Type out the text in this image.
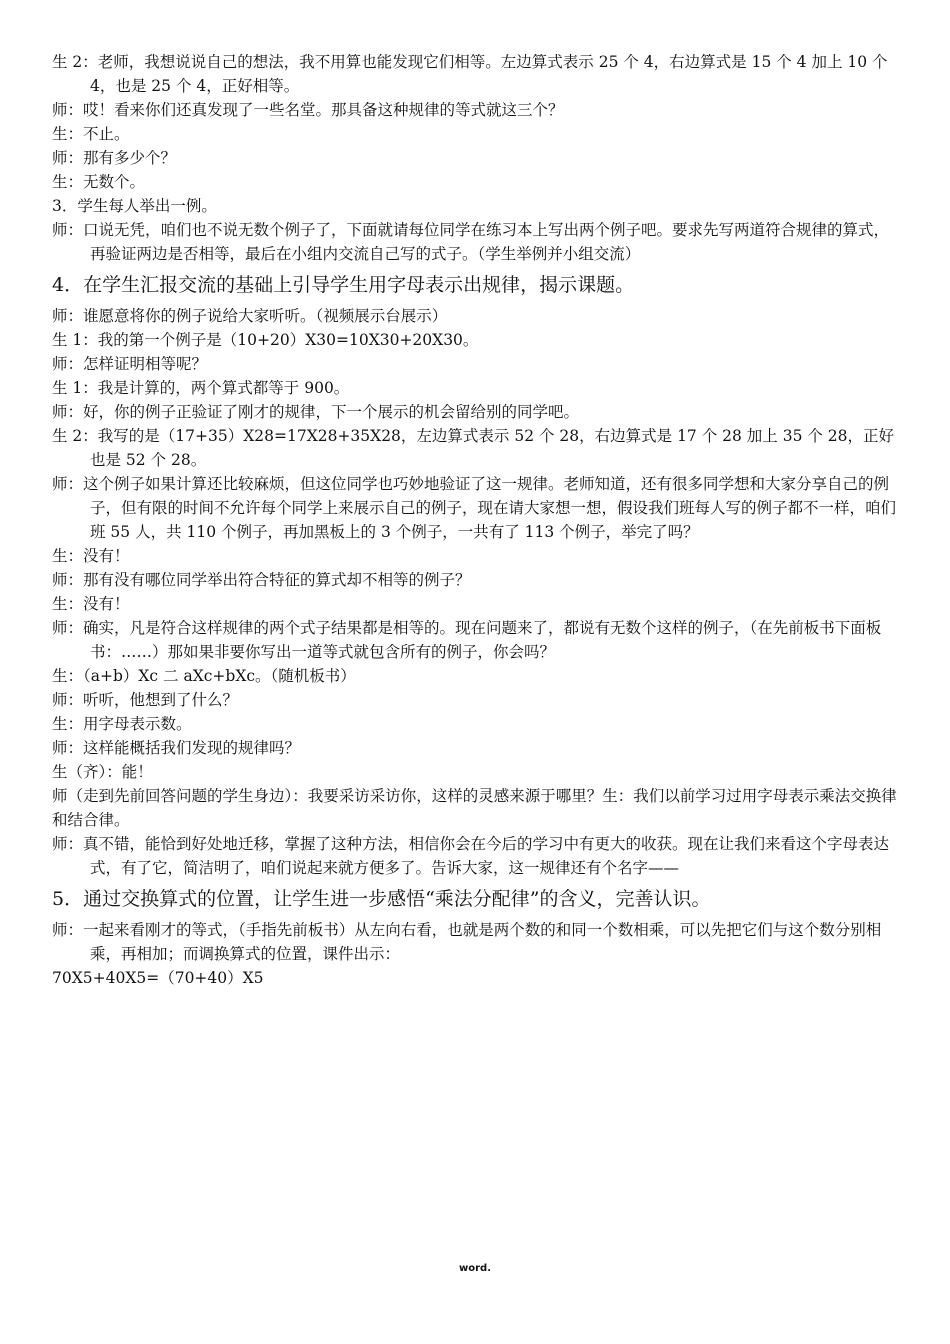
生 2：老师，我想说说自己的想法，我不用算也能发现它们相等。左边算式表示 25 个 4，右边算式是 15 个 4 加上 10 个 4，也是 25 个 4，正好相等。

师：哎！看来你们还真发现了一些名堂。那具备这种规律的等式就这三个？

生：不止。

师：那有多少个？

生：无数个。

3．学生每人举出一例。

师：口说无凭，咱们也不说无数个例子了，下面就请每位同学在练习本上写出两个例子吧。要求先写两道符合规律的算式，再验证两边是否相等，最后在小组内交流自己写的式子。（学生举例并小组交流）

4．在学生汇报交流的基础上引导学生用字母表示出规律，揭示课题。

师：谁愿意将你的例子说给大家听听。（视频展示台展示）

生 1：我的第一个例子是（10+20）X30=10X30+20X30。

师：怎样证明相等呢？

生 1：我是计算的，两个算式都等于 900。

师：好，你的例子正验证了刚才的规律，下一个展示的机会留给别的同学吧。

生 2：我写的是（17+35）X28=17X28+35X28，左边算式表示 52 个 28，右边算式是 17 个 28 加上 35 个 28，正好也是 52 个 28。

师：这个例子如果计算还比较麻烦，但这位同学也巧妙地验证了这一规律。老师知道，还有很多同学想和大家分享自己的例子，但有限的时间不允许每个同学上来展示自己的例子，现在请大家想一想，假设我们班每人写的例子都不一样，咱们班 55 人，共 110 个例子，再加黑板上的 3 个例子，一共有了 113 个例子，举完了吗？

生：没有！

师：那有没有哪位同学举出符合特征的算式却不相等的例子？

生：没有！

师：确实，凡是符合这样规律的两个式子结果都是相等的。现在问题来了，都说有无数个这样的例子，（在先前板书下面板书：……）那如果非要你写出一道等式就包含所有的例子，你会吗？

生：（a+b）Xc 二 aXc+bXc。（随机板书）

师：听听，他想到了什么？

生：用字母表示数。

师：这样能概括我们发现的规律吗？

生（齐）：能！

师（走到先前回答问题的学生身边）：我要采访采访你，这样的灵感来源于哪里？生：我们以前学习过用字母表示乘法交换律和结合律。

师：真不错，能恰到好处地迁移，掌握了这种方法，相信你会在今后的学习中有更大的收获。现在让我们来看这个字母表达式，有了它，简洁明了，咱们说起来就方便多了。告诉大家，这一规律还有个名字——

5．通过交换算式的位置，让学生进一步感悟“乘法分配律”的含义，完善认识。

师：一起来看刚才的等式，（手指先前板书）从左向右看，也就是两个数的和同一个数相乘，可以先把它们与这个数分别相乘，再相加；而调换算式的位置，课件出示：

70X5+40X5=（70+40）X5

word.
